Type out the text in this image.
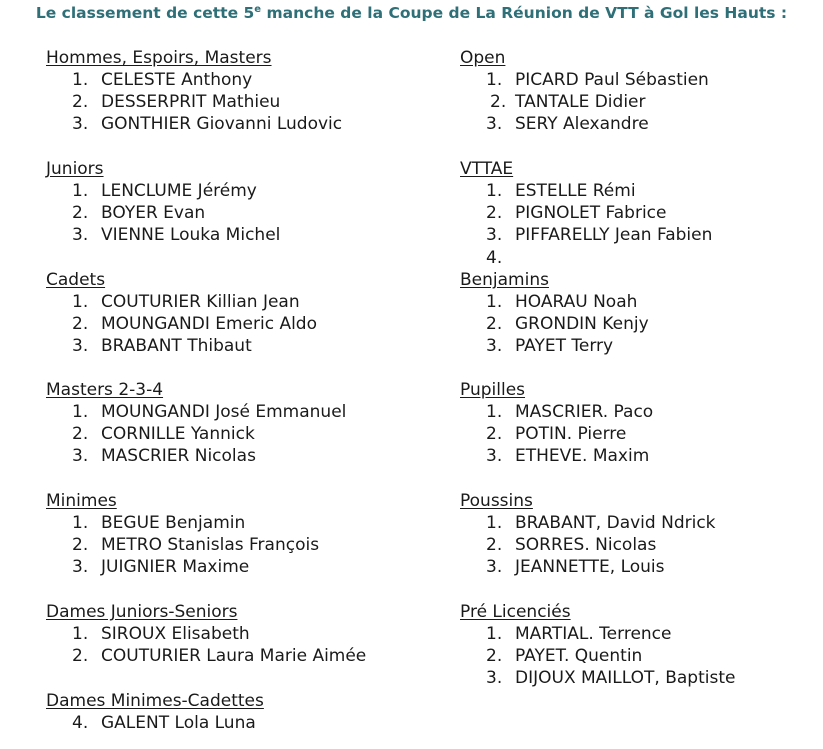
Le classement de cette 5e manche de la Coupe de La Réunion de VTT à Gol les Hauts :
Hommes, Espoirs, Masters
1. CELESTE Anthony
2. DESSERPRIT Mathieu
3. GONTHIER Giovanni Ludovic
Juniors
1. LENCLUME Jérémy
2. BOYER Evan
3. VIENNE Louka Michel
Cadets
1. COUTURIER Killian Jean
2. MOUNGANDI Emeric Aldo
3. BRABANT Thibaut
Masters 2-3-4
1. MOUNGANDI José Emmanuel
2. CORNILLE Yannick
3. MASCRIER Nicolas
Minimes
1. BEGUE Benjamin
2. METRO Stanislas François
3. JUIGNIER Maxime
Dames Juniors-Seniors
1. SIROUX Elisabeth
2. COUTURIER Laura Marie Aimée
Dames Minimes-Cadettes
4. GALENT Lola Luna
Open
1. PICARD Paul Sébastien
2. TANTALE Didier
3. SERY Alexandre
VTTAE
1. ESTELLE Rémi
2. PIGNOLET Fabrice
3. PIFFARELLY Jean Fabien
4.
Benjamins
1. HOARAU Noah
2. GRONDIN Kenjy
3. PAYET Terry
Pupilles
1. MASCRIER. Paco
2. POTIN. Pierre
3. ETHEVE. Maxim
Poussins
1. BRABANT, David Ndrick
2. SORRES. Nicolas
3. JEANNETTE, Louis
Pré Licenciés
1. MARTIAL. Terrence
2. PAYET. Quentin
3. DIJOUX MAILLOT, Baptiste
